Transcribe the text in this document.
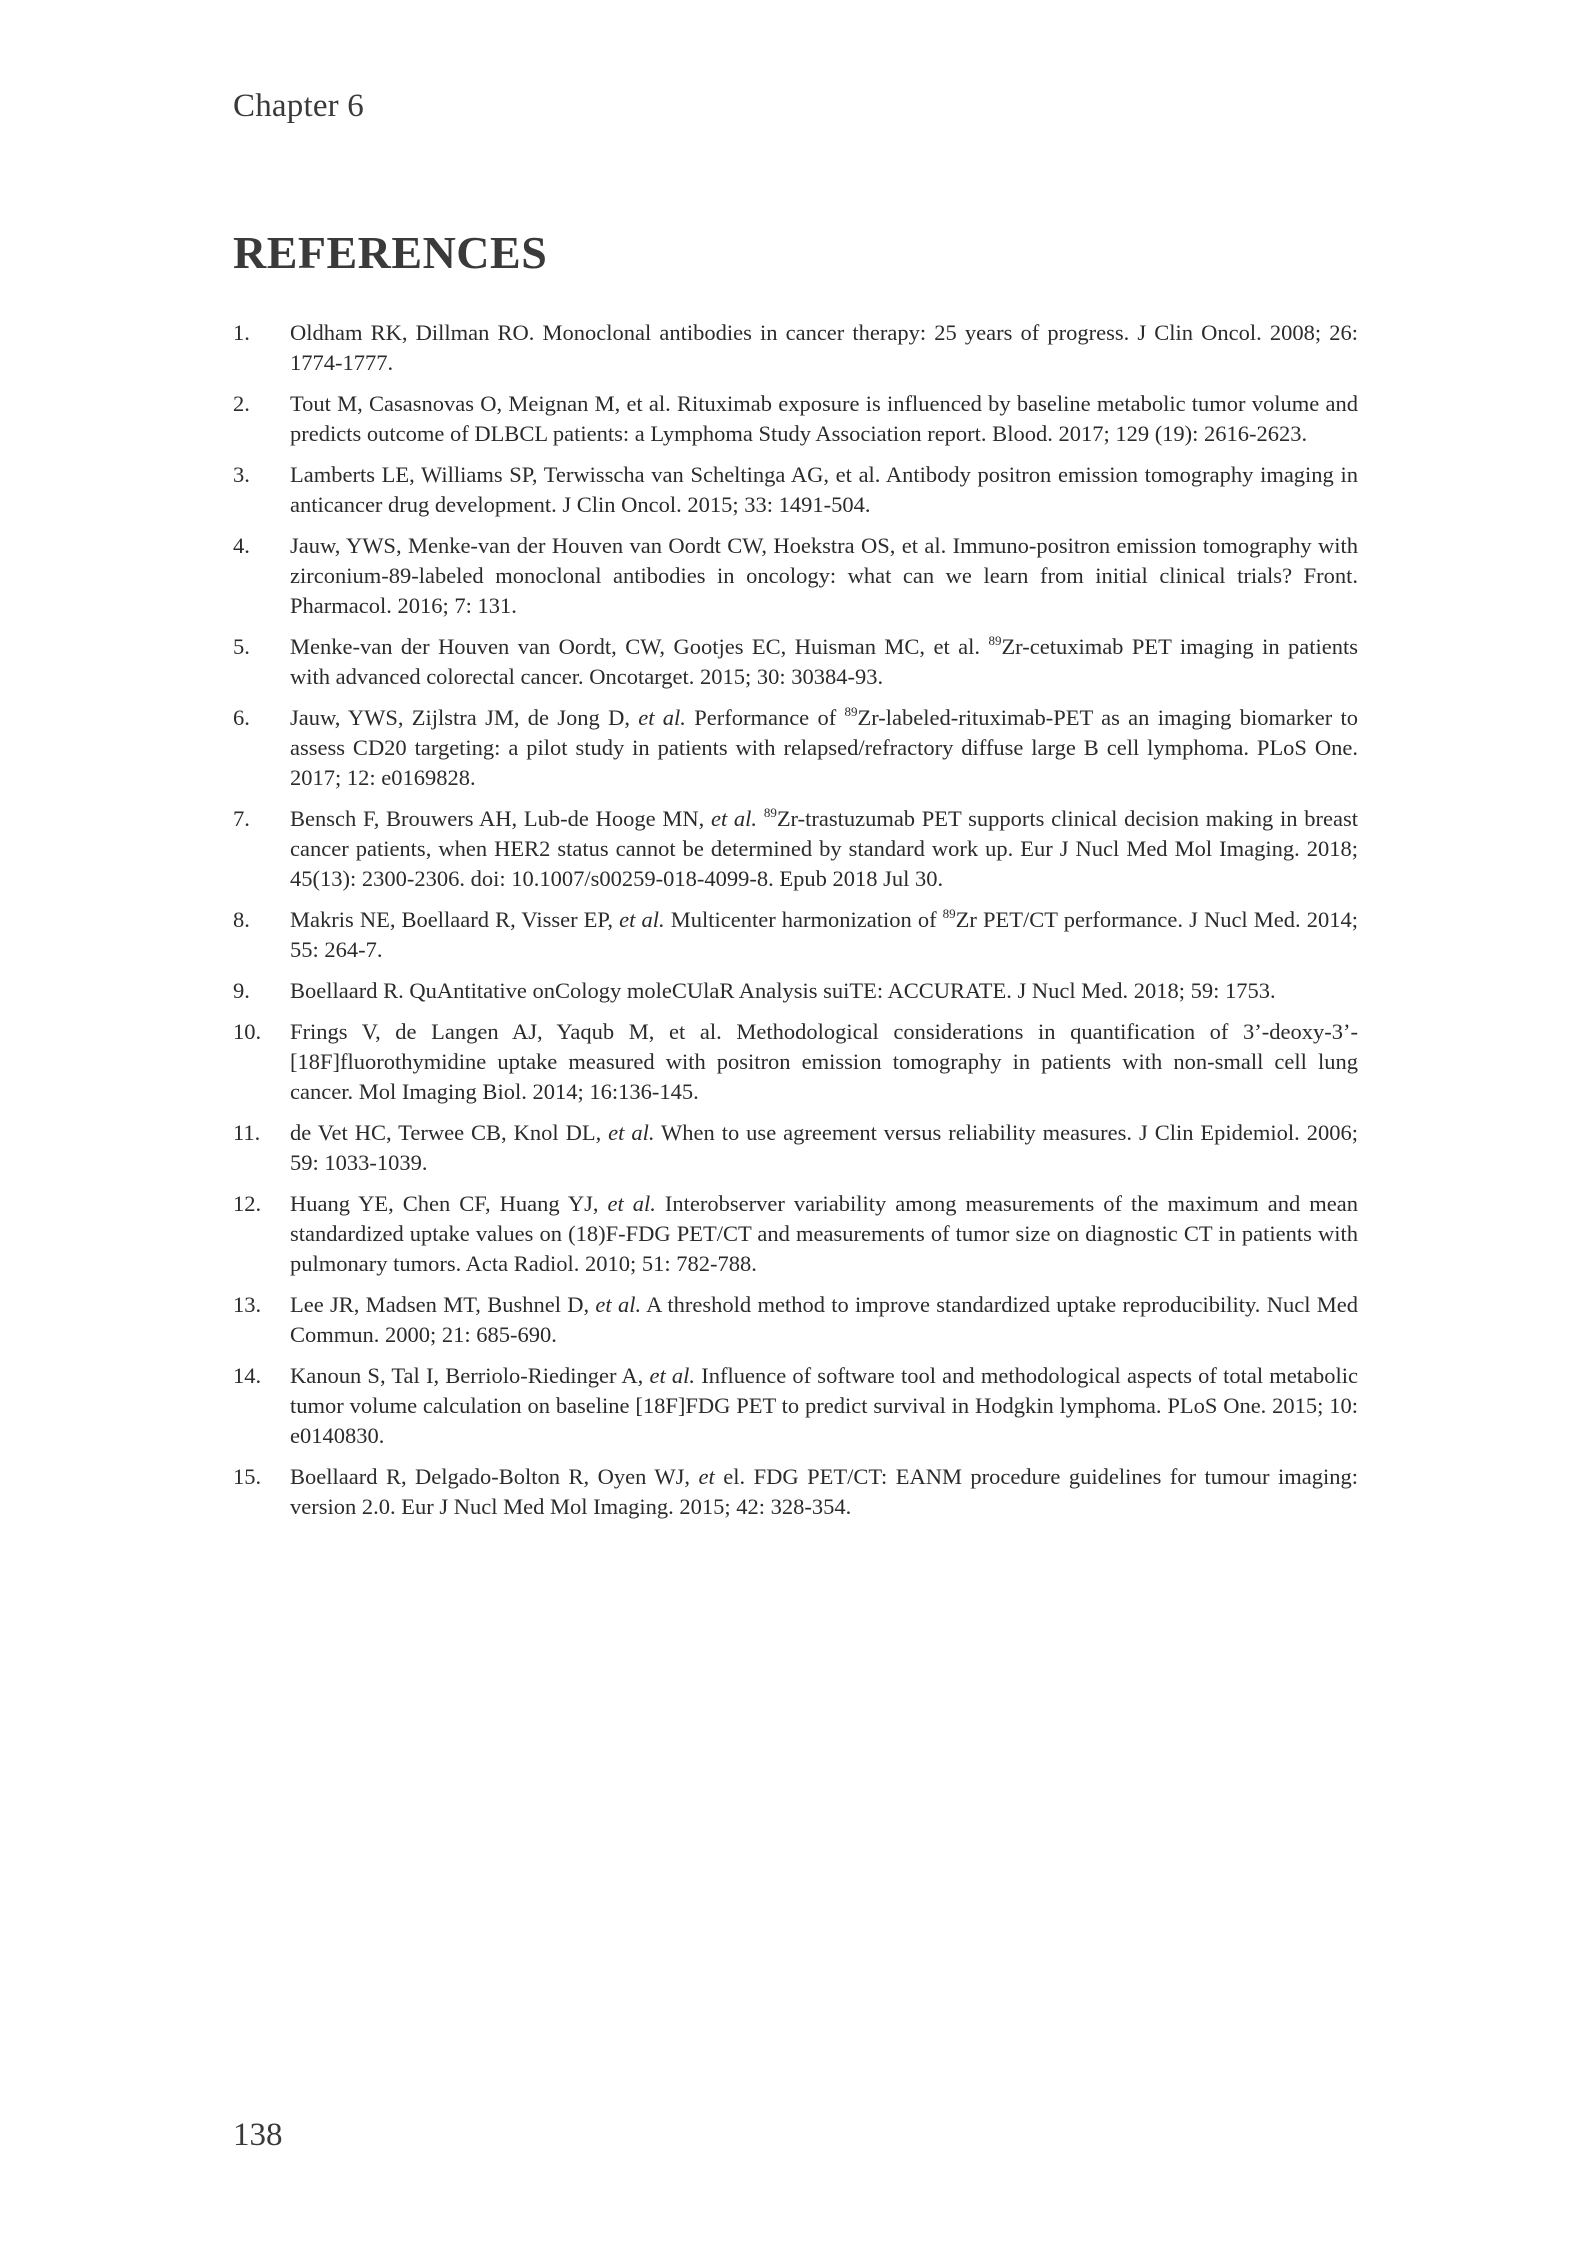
Chapter 6
REFERENCES
1.	Oldham RK, Dillman RO. Monoclonal antibodies in cancer therapy: 25 years of progress. J Clin Oncol. 2008; 26: 1774-1777.
2.	Tout M, Casasnovas O, Meignan M, et al. Rituximab exposure is influenced by baseline metabolic tumor volume and predicts outcome of DLBCL patients: a Lymphoma Study Association report. Blood. 2017; 129 (19): 2616-2623.
3.	Lamberts LE, Williams SP, Terwisscha van Scheltinga AG, et al. Antibody positron emission tomography imaging in anticancer drug development. J Clin Oncol. 2015; 33: 1491-504.
4.	Jauw, YWS, Menke-van der Houven van Oordt CW, Hoekstra OS, et al. Immuno-positron emission tomography with zirconium-89-labeled monoclonal antibodies in oncology: what can we learn from initial clinical trials? Front. Pharmacol. 2016; 7: 131.
5.	Menke-van der Houven van Oordt, CW, Gootjes EC, Huisman MC, et al. $^{89}$Zr-cetuximab PET imaging in patients with advanced colorectal cancer. Oncotarget. 2015; 30: 30384-93.
6.	Jauw, YWS, Zijlstra JM, de Jong D, et al. Performance of $^{89}$Zr-labeled-rituximab-PET as an imaging biomarker to assess CD20 targeting: a pilot study in patients with relapsed/refractory diffuse large B cell lymphoma. PLoS One. 2017; 12: e0169828.
7.	Bensch F, Brouwers AH, Lub-de Hooge MN, et al. $^{89}$Zr-trastuzumab PET supports clinical decision making in breast cancer patients, when HER2 status cannot be determined by standard work up. Eur J Nucl Med Mol Imaging. 2018; 45(13): 2300-2306. doi: 10.1007/s00259-018-4099-8. Epub 2018 Jul 30.
8.	Makris NE, Boellaard R, Visser EP, et al. Multicenter harmonization of $^{89}$Zr PET/CT performance. J Nucl Med. 2014; 55: 264-7.
9.	Boellaard R. QuAntitative onCology moleCUlaR Analysis suiTE: ACCURATE. J Nucl Med. 2018; 59: 1753.
10.	Frings V, de Langen AJ, Yaqub M, et al. Methodological considerations in quantification of 3’-deoxy-3’-[18F]fluorothymidine uptake measured with positron emission tomography in patients with non-small cell lung cancer. Mol Imaging Biol. 2014; 16:136-145.
11.	de Vet HC, Terwee CB, Knol DL, et al. When to use agreement versus reliability measures. J Clin Epidemiol. 2006; 59: 1033-1039.
12.	Huang YE, Chen CF, Huang YJ, et al. Interobserver variability among measurements of the maximum and mean standardized uptake values on (18)F-FDG PET/CT and measurements of tumor size on diagnostic CT in patients with pulmonary tumors. Acta Radiol. 2010; 51: 782-788.
13.	Lee JR, Madsen MT, Bushnel D, et al. A threshold method to improve standardized uptake reproducibility. Nucl Med Commun. 2000; 21: 685-690.
14.	Kanoun S, Tal I, Berriolo-Riedinger A, et al. Influence of software tool and methodological aspects of total metabolic tumor volume calculation on baseline [18F]FDG PET to predict survival in Hodgkin lymphoma. PLoS One. 2015; 10: e0140830.
15.	Boellaard R, Delgado-Bolton R, Oyen WJ, et el. FDG PET/CT: EANM procedure guidelines for tumour imaging: version 2.0. Eur J Nucl Med Mol Imaging. 2015; 42: 328-354.
138
